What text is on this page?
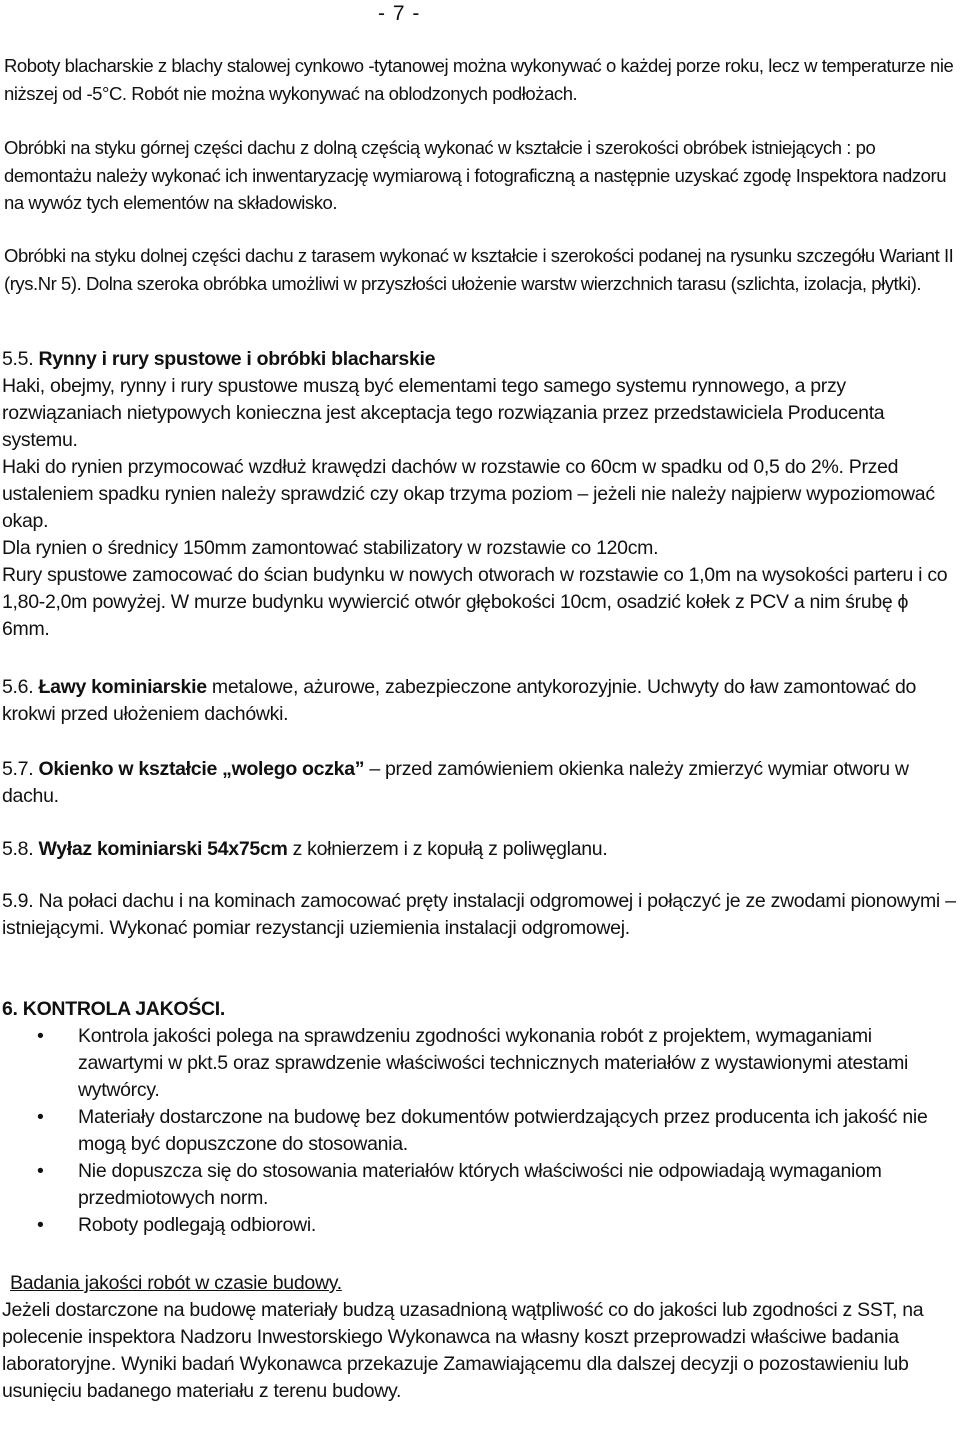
- 7 -

Roboty blacharskie z blachy stalowej cynkowo -tytanowej można wykonywać o każdej porze roku, lecz w temperaturze nie niższej od -5°C. Robót nie można wykonywać na oblodzonych podłożach.

Obróbki na styku górnej części dachu z dolną częścią wykonać w kształcie i szerokości obróbek istniejących : po demontażu należy wykonać ich inwentaryzację wymiarową i fotograficzną a następnie uzyskać zgodę Inspektora nadzoru na wywóz tych elementów na składowisko.

Obróbki na styku dolnej części dachu z tarasem wykonać w kształcie i szerokości podanej na rysunku szczegółu Wariant II (rys.Nr 5). Dolna szeroka obróbka umożliwi w przyszłości ułożenie warstw wierzchnich tarasu (szlichta, izolacja, płytki).

5.5. Rynny i rury spustowe i obróbki blacharskie

Haki, obejmy, rynny i rury spustowe muszą być elementami tego samego systemu rynnowego, a przy rozwiązaniach nietypowych konieczna jest akceptacja tego rozwiązania przez przedstawiciela Producenta systemu.

Haki do rynien przymocować wzdłuż krawędzi dachów w rozstawie co 60cm w spadku od 0,5 do 2%. Przed ustaleniem spadku rynien należy sprawdzić czy okap trzyma poziom – jeżeli nie należy najpierw wypoziomować okap.

Dla rynien o średnicy 150mm zamontować stabilizatory w rozstawie co 120cm.

Rury spustowe zamocować do ścian budynku w nowych otworach w rozstawie co 1,0m na wysokości parteru i co 1,80-2,0m powyżej. W murze budynku wywiercić otwór głębokości 10cm, osadzić kołek z PCV a nim śrubę ϕ 6mm.

5.6. Ławy kominiarskie metalowe, ażurowe, zabezpieczone antykorozyjnie. Uchwyty do ław zamontować do krokwi przed ułożeniem dachówki.

5.7. Okienko w kształcie „wolego oczka” – przed zamówieniem okienka należy zmierzyć wymiar otworu w dachu.

5.8. Wyłaz kominiarski 54x75cm z kołnierzem i z kopułą z poliwęglanu.

5.9. Na połaci dachu i na kominach zamocować pręty instalacji odgromowej i połączyć je ze zwodami pionowymi – istniejącymi. Wykonać pomiar rezystancji uziemienia instalacji odgromowej.

6. KONTROLA JAKOŚCI.

• Kontrola jakości polega na sprawdzeniu zgodności wykonania robót z projektem, wymaganiami zawartymi w pkt.5 oraz sprawdzenie właściwości technicznych materiałów z wystawionymi atestami wytwórcy.
• Materiały dostarczone na budowę bez dokumentów potwierdzających przez producenta ich jakość nie mogą być dopuszczone do stosowania.
• Nie dopuszcza się do stosowania materiałów których właściwości nie odpowiadają wymaganiom przedmiotowych norm.
• Roboty podlegają odbiorowi.

Badania jakości robót w czasie budowy.

Jeżeli dostarczone na budowę materiały budzą uzasadnioną wątpliwość co do jakości lub zgodności z SST, na polecenie inspektora Nadzoru Inwestorskiego Wykonawca na własny koszt przeprowadzi właściwe badania laboratoryjne. Wyniki badań Wykonawca przekazuje Zamawiającemu dla dalszej decyzji o pozostawieniu lub usunięciu badanego materiału z terenu budowy.
